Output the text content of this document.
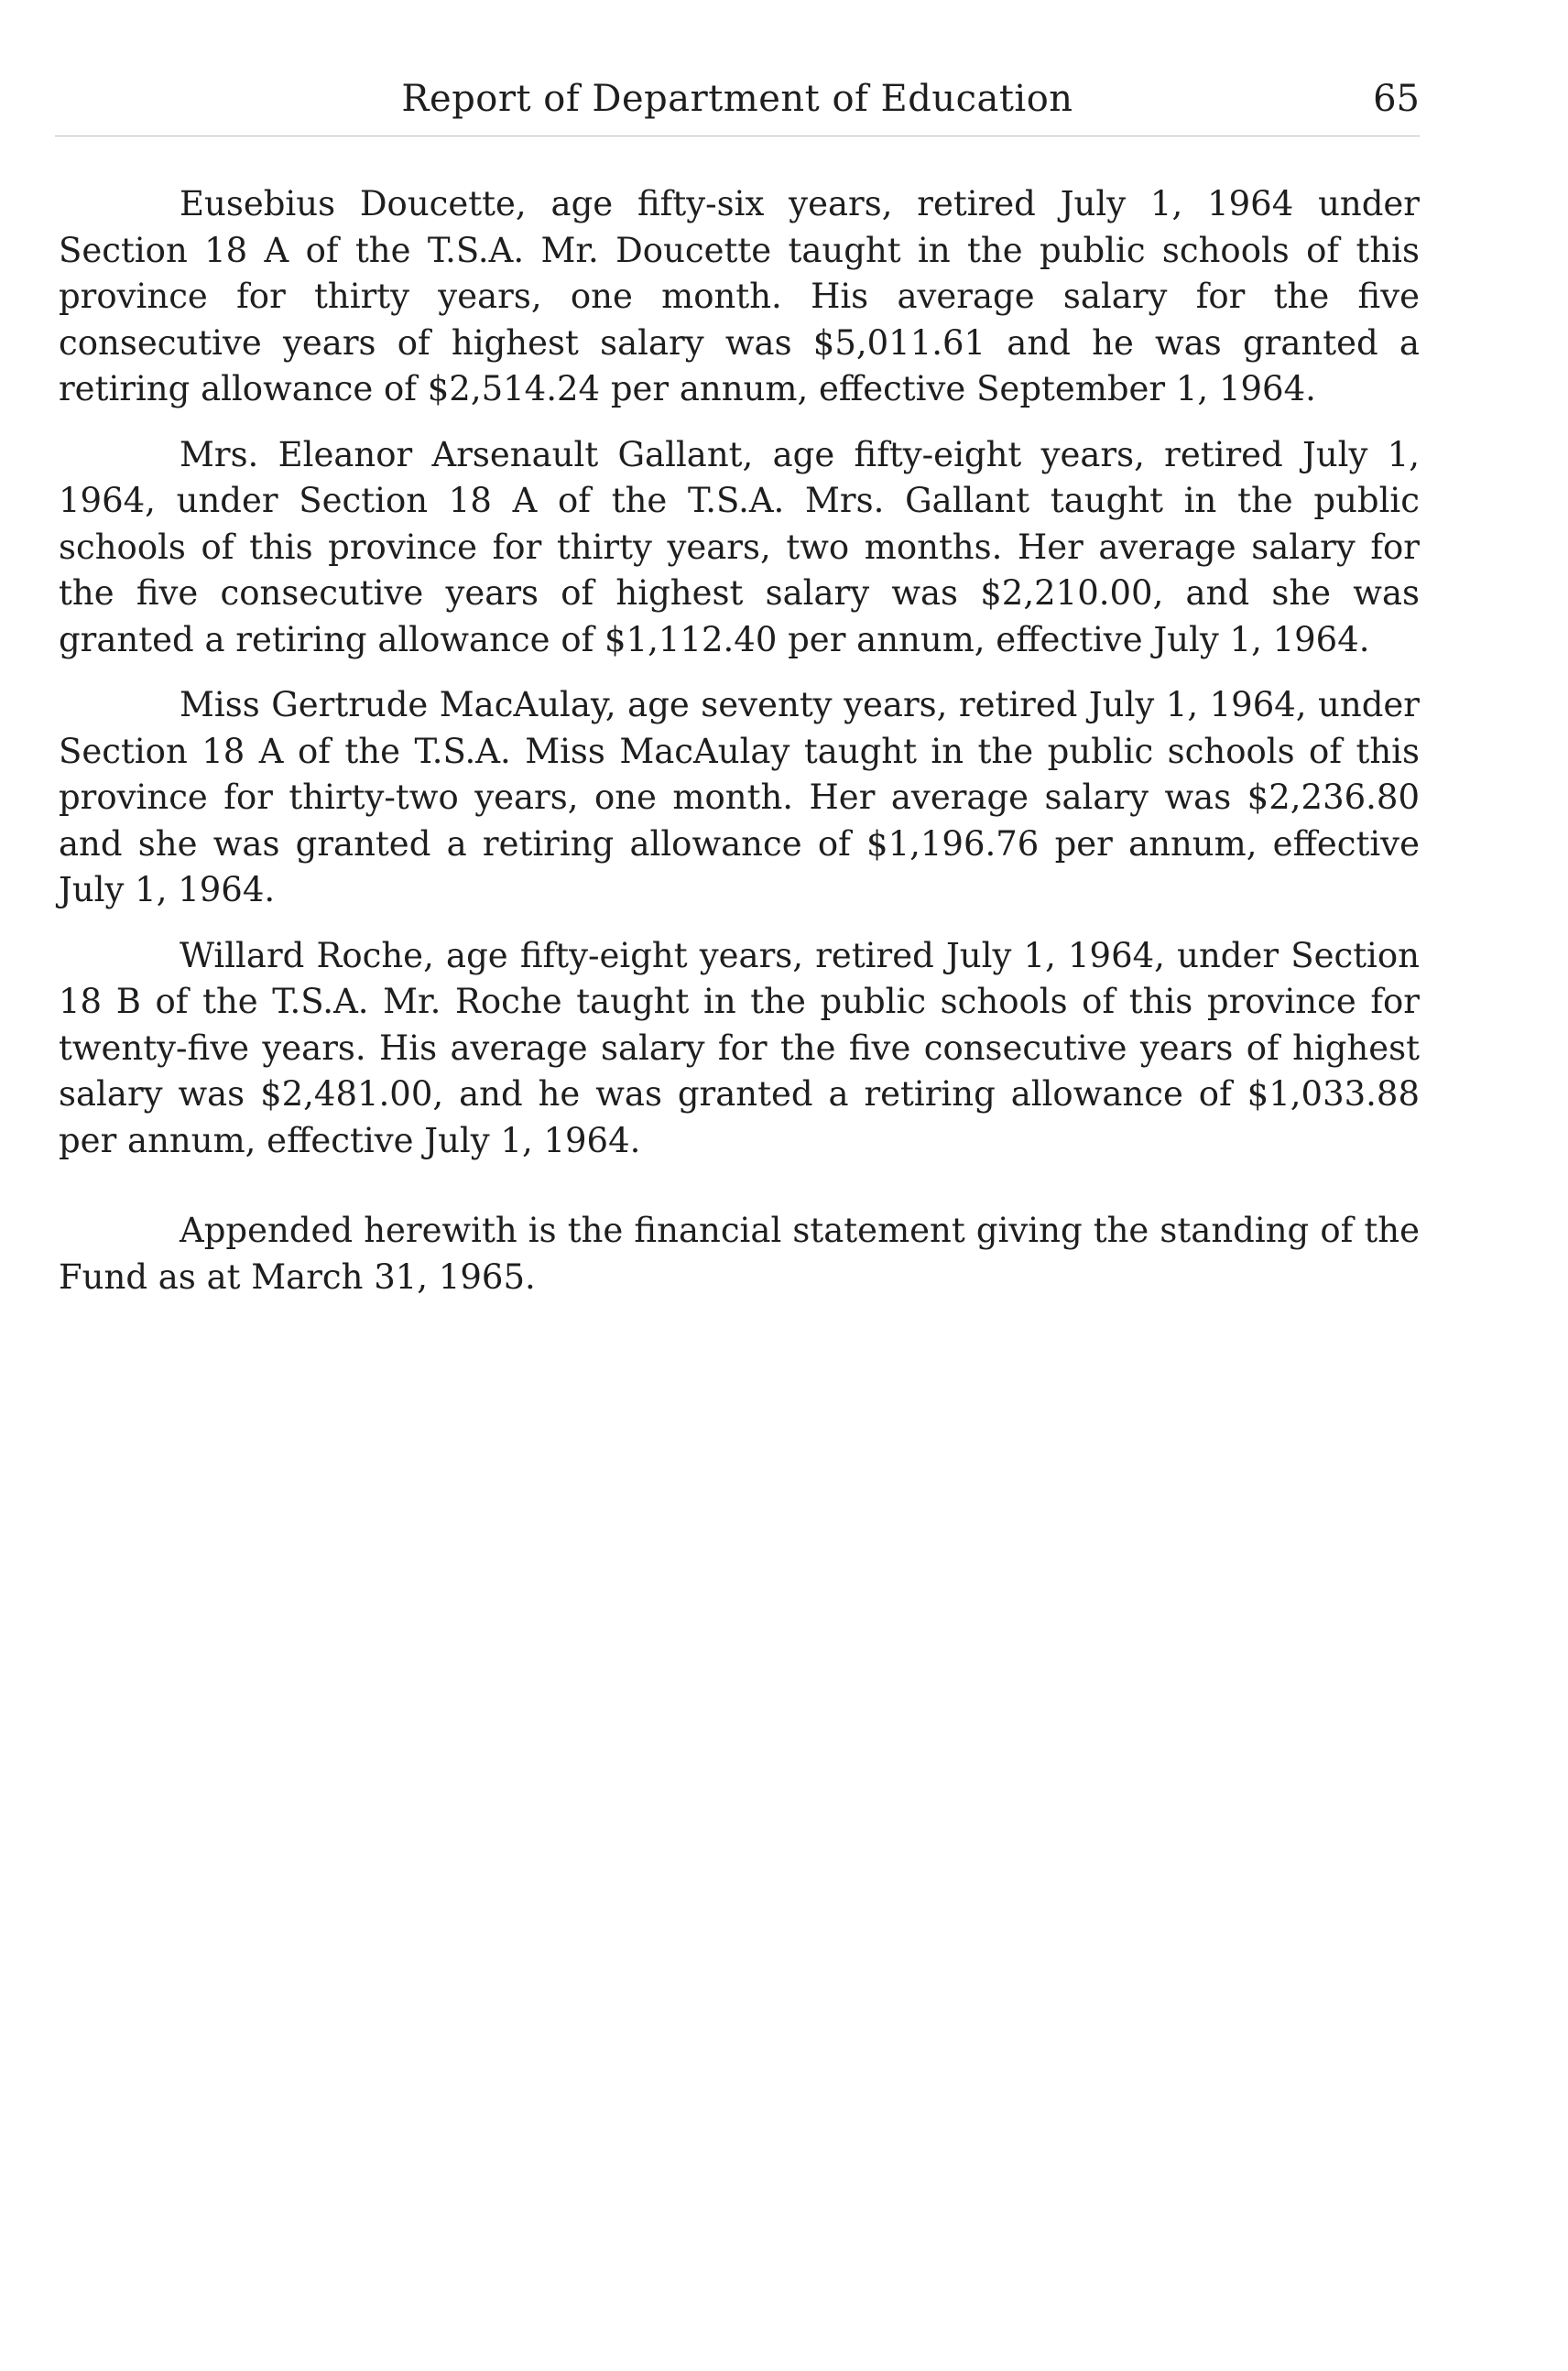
Report of Department of Education	65

Eusebius Doucette, age fifty-six years, retired July 1, 1964 under Section 18 A of the T.S.A. Mr. Doucette taught in the public schools of this province for thirty years, one month. His average salary for the five consecutive years of highest salary was $5,011.61 and he was granted a retiring allowance of $2,514.24 per annum, effective September 1, 1964.

Mrs. Eleanor Arsenault Gallant, age fifty-eight years, retired July 1, 1964, under Section 18 A of the T.S.A. Mrs. Gallant taught in the public schools of this province for thirty years, two months. Her average salary for the five consecutive years of highest salary was $2,210.00, and she was granted a retiring allowance of $1,112.40 per annum, effective July 1, 1964.

Miss Gertrude MacAulay, age seventy years, retired July 1, 1964, under Section 18 A of the T.S.A. Miss MacAulay taught in the public schools of this province for thirty-two years, one month. Her average salary was $2,236.80 and she was granted a retiring allowance of $1,196.76 per annum, effective July 1, 1964.

Willard Roche, age fifty-eight years, retired July 1, 1964, under Section 18 B of the T.S.A. Mr. Roche taught in the public schools of this province for twenty-five years. His average salary for the five consecutive years of highest salary was $2,481.00, and he was granted a retiring allowance of $1,033.88 per annum, effective July 1, 1964.

Appended herewith is the financial statement giving the standing of the Fund as at March 31, 1965.
